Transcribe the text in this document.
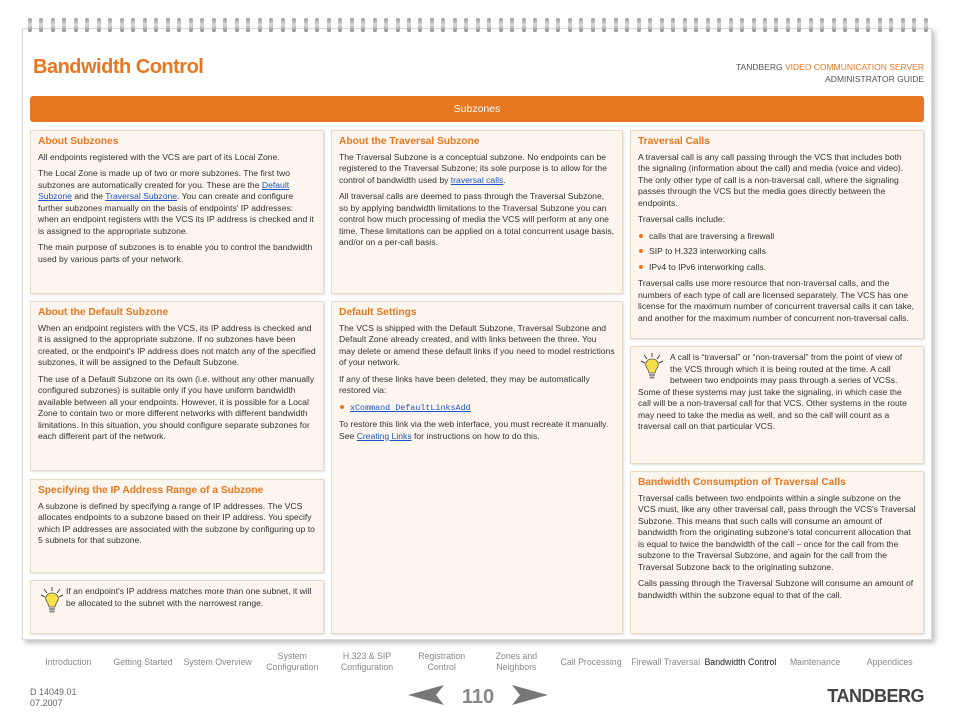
Bandwidth Control	TANDBERG VIDEO COMMUNICATION SERVER
ADMINISTRATOR GUIDE
Subzones
About Subzones

All endpoints registered with the VCS are part of its Local Zone.

The Local Zone is made up of two or more subzones. The first two subzones are automatically created for you. These are the Default Subzone and the Traversal Subzone. You can create and configure further subzones manually on the basis of endpoints' IP addresses: when an endpoint registers with the VCS its IP address is checked and it is assigned to the appropriate subzone.

The main purpose of subzones is to enable you to control the bandwidth used by various parts of your network.

About the Default Subzone

When an endpoint registers with the VCS, its IP address is checked and it is assigned to the appropriate subzone. If no subzones have been created, or the endpoint's IP address does not match any of the specified subzones, it will be assigned to the Default Subzone.

The use of a Default Subzone on its own (i.e. without any other manually configured subzones) is suitable only if you have uniform bandwidth available between all your endpoints. However, it is possible for a Local Zone to contain two or more different networks with different bandwidth limitations. In this situation, you should configure separate subzones for each different part of the network.

Specifying the IP Address Range of a Subzone

A subzone is defined by specifying a range of IP addresses. The VCS allocates endpoints to a subzone based on their IP address. You specify which IP addresses are associated with the subzone by configuring up to 5 subnets for that subzone.

If an endpoint's IP address matches more than one subnet, it will be allocated to the subnet with the narrowest range.

About the Traversal Subzone

The Traversal Subzone is a conceptual subzone. No endpoints can be registered to the Traversal Subzone; its sole purpose is to allow for the control of bandwidth used by traversal calls.

All traversal calls are deemed to pass through the Traversal Subzone, so by applying bandwidth limitations to the Traversal Subzone you can control how much processing of media the VCS will perform at any one time. These limitations can be applied on a total concurrent usage basis, and/or on a per-call basis.

Default Settings

The VCS is shipped with the Default Subzone, Traversal Subzone and Default Zone already created, and with links between the three. You may delete or amend these default links if you need to model restrictions of your network.

If any of these links have been deleted, they may be automatically restored via:

xCommand DefaultLinksAdd

To restore this link via the web interface, you must recreate it manually. See Creating Links for instructions on how to do this.

Traversal Calls

A traversal call is any call passing through the VCS that includes both the signaling (information about the call) and media (voice and video). The only other type of call is a non-traversal call, where the signaling passes through the VCS but the media goes directly between the endpoints.

Traversal calls include:

calls that are traversing a firewall
SIP to H.323 interworking calls
IPv4 to IPv6 interworking calls.

Traversal calls use more resource that non-traversal calls, and the numbers of each type of call are licensed separately. The VCS has one license for the maximum number of concurrent traversal calls it can take, and another for the maximum number of concurrent non-traversal calls.

A call is “traversal” or “non-traversal” from the point of view of the VCS through which it is being routed at the time. A call between two endpoints may pass through a series of VCSs. Some of these systems may just take the signaling, in which case the call will be a non-traversal call for that VCS. Other systems in the route may need to take the media as well, and so the call will count as a traversal call on that particular VCS.

Bandwidth Consumption of Traversal Calls

Traversal calls between two endpoints within a single subzone on the VCS must, like any other traversal call, pass through the VCS's Traversal Subzone. This means that such calls will consume an amount of bandwidth from the originating subzone's total concurrent allocation that is equal to twice the bandwidth of the call – once for the call from the subzone to the Traversal Subzone, and again for the call from the Traversal Subzone back to the originating subzone.

Calls passing through the Traversal Subzone will consume an amount of bandwidth within the subzone equal to that of the call.

Introduction	Getting Started	System Overview
System Configuration
H.323 & SIP Configuration
Registration Control
Zones and Neighbors
Call Processing	Firewall Traversal Bandwidth Control	Maintenance	Appendices
D 14049.01
07.2007	110	TANDBERG
